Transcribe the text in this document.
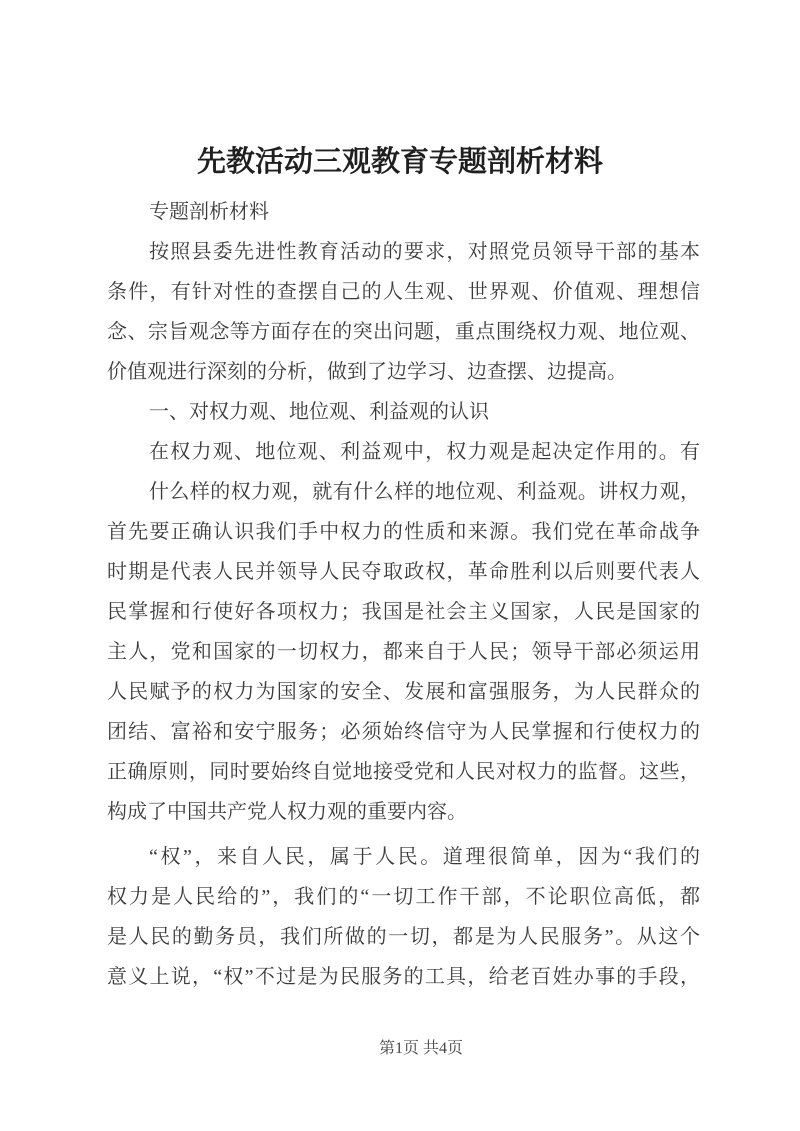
先教活动三观教育专题剖析材料
专题剖析材料
按照县委先进性教育活动的要求，对照党员领导干部的基本
条件，有针对性的查摆自己的人生观、世界观、价值观、理想信
念、宗旨观念等方面存在的突出问题，重点围绕权力观、地位观、
价值观进行深刻的分析，做到了边学习、边查摆、边提高。
一、对权力观、地位观、利益观的认识
在权力观、地位观、利益观中，权力观是起决定作用的。有
什么样的权力观，就有什么样的地位观、利益观。讲权力观，
首先要正确认识我们手中权力的性质和来源。我们党在革命战争
时期是代表人民并领导人民夺取政权，革命胜利以后则要代表人
民掌握和行使好各项权力；我国是社会主义国家，人民是国家的
主人，党和国家的一切权力，都来自于人民；领导干部必须运用
人民赋予的权力为国家的安全、发展和富强服务，为人民群众的
团结、富裕和安宁服务；必须始终信守为人民掌握和行使权力的
正确原则，同时要始终自觉地接受党和人民对权力的监督。这些，
构成了中国共产党人权力观的重要内容。
“权”，来自人民，属于人民。道理很简单，因为“我们的
权力是人民给的”，我们的“一切工作干部，不论职位高低，都
是人民的勤务员，我们所做的一切，都是为人民服务”。从这个
意义上说，“权”不过是为民服务的工具，给老百姓办事的手段，
第1页 共4页
